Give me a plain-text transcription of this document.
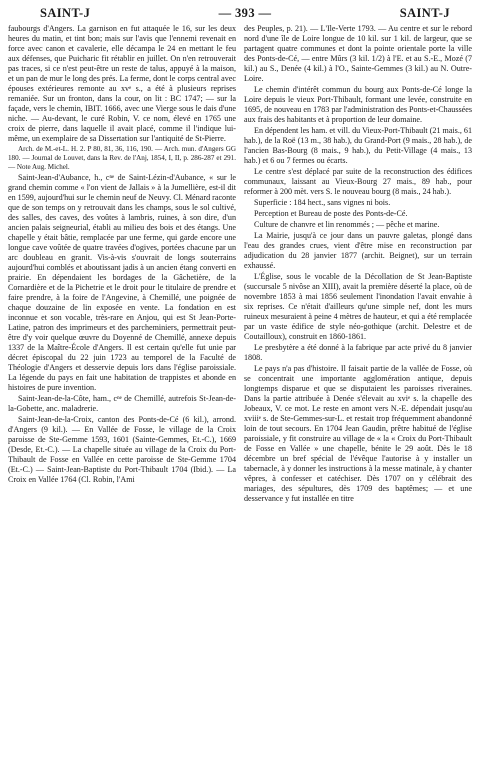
SAINT-J	— 393 —	SAINT-J

faubourgs d'Angers. La garnison en fut attaquée le 16, sur les deux heures du matin, et tint bon; mais sur l'avis que l'ennemi revenait en force avec canon et cavalerie, elle décampa le 24 en mettant le feu aux défenses, que Puicharic fit rétablir en juillet. On n'en retrouverait pas traces, si ce n'est peut-être un reste de talus, appuyé à la maison, et un pan de mur le long des prés. La ferme, dont le corps central avec épouses extérieures remonte au xvᵉ s., a été à plusieurs reprises remaniée. Sur un fronton, dans la cour, on lit : BC 1747; — sur la façade, vers le chemin, IBIT. 1666, avec une Vierge sous le dais d'une niche. — Au-devant, le curé Robin, V. ce nom, élevé en 1765 une croix de pierre, dans laquelle il avait placé, comme il l'indique lui-même, un exemplaire de sa Dissertation sur l'antiquité de St-Pierre.

Arch. de M.-et-L. H. 2. P 80, 81, 36, 116, 190. — Arch. mun. d'Angers GG 180. — Journal de Louvet, dans la Rev. de l'Anj, 1854, I, II, p. 286-287 et 291. — Note Aug. Michel.

Saint-Jean-d'Aubance, h., cⁿᵉ de Saint-Lézin-d'Aubance, « sur le grand chemin comme « l'on vient de Jallais » à la Jumellière, est-il dit en 1599, aujourd'hui sur le chemin neuf de Neuvy. Cl. Ménard raconte que de son temps on y retrouvait dans les champs, sous le sol cultivé, des salles, des caves, des voûtes à lambris, ruines, à son dire, d'un ancien palais seigneurial, établi au milieu des bois et des étangs. Une chapelle y était bâtie, remplacée par une ferme, qui garde encore une longue cave voûtée de quatre travées d'ogives, portées chacune par un arc doubleau en granit. Vis-à-vis s'ouvrait de longs souterrains aujourd'hui comblés et aboutissant jadis à un ancien étang converti en prairie. En dépendaient les bordages de la Gâchetière, de la Cornardière et de la Pichetrie et le droit pour le titulaire de prendre et faire prendre, à la foire de l'Angevine, à Chemillé, une poignée de chaque douzaine de lin exposée en vente. La fondation en est inconnue et son vocable, très-rare en Anjou, qui est St Jean-Porte-Latine, patron des imprimeurs et des parcheminiers, permettrait peut-être d'y voir quelque œuvre du Doyenné de Chemillé, annexe depuis 1337 de la Maître-École d'Angers. Il est certain qu'elle fut unie par décret épiscopal du 22 juin 1723 au temporel de la Faculté de Théologie d'Angers et desservie depuis lors dans l'église paroissiale. La légende du pays en fait une habitation de trappistes et abonde en histoires de pure invention.

Saint-Jean-de-la-Côte, ham., cⁿᵉ de Chemillé, autrefois St-Jean-de-la-Gobette, anc. maladrerie.

Saint-Jean-de-la-Croix, canton des Ponts-de-Cé (6 kil.), arrond. d'Angers (9 kil.). — En Vallée de Fosse, le village de la Croix paroisse de Ste-Gemme 1593, 1601 (Sainte-Gemmes, Et.-C.), 1669 (Desde, Et.-C.). — La chapelle située au village de la Croix du Port-Thibault de Fosse en Vallée en cette paroisse de Ste-Gemme 1704 (Et.-C.) — Saint-Jean-Baptiste du Port-Thibault 1704 (Ibid.). — La Croix en Vallée 1764 (Cl. Robin, l'Ami

des Peuples, p. 21). — L'Ile-Verte 1793. — Au centre et sur le rebord nord d'une île de Loire longue de 10 kil. sur 1 kil. de largeur, que se partagent quatre communes et dont la pointe orientale porte la ville des Ponts-de-Cé, — entre Mûrs (3 kil. 1/2) à l'E. et au S.-E., Mozé (7 kil.) au S., Denée (4 kil.) à l'O., Sainte-Gemmes (3 kil.) au N. Outre-Loire.

Le chemin d'intérêt commun du bourg aux Ponts-de-Cé longe la Loire depuis le vieux Port-Thibault, formant une levée, construite en 1695, de nouveau en 1783 par l'administration des Ponts-et-Chaussées aux frais des habitants et à proportion de leur domaine.

En dépendent les ham. et vill. du Vieux-Port-Thibault (21 mais., 61 hab.), de la Roë (13 m., 38 hab.), du Grand-Port (9 mais., 28 hab.), de l'ancien Bas-Bourg (8 mais., 9 hab.), du Petit-Village (4 mais., 13 hab.) et 6 ou 7 fermes ou écarts.

Le centre s'est déplacé par suite de la reconstruction des édifices communaux, laissant au Vieux-Bourg 27 mais., 89 hab., pour reformer à 200 mèt. vers S. le nouveau bourg (8 mais., 24 hab.).

Superficie : 184 hect., sans vignes ni bois.

Perception et Bureau de poste des Ponts-de-Cé.

Culture de chanvre et lin renommés ; — pêche et marine.

La Mairie, jusqu'à ce jour dans un pauvre galetas, plongé dans l'eau des grandes crues, vient d'être mise en reconstruction par adjudication du 28 janvier 1877 (archit. Beignet), sur un terrain exhaussé.

L'Église, sous le vocable de la Décollation de St Jean-Baptiste (succursale 5 nivôse an XIII), avait la première déserté la place, où de novembre 1853 à mai 1856 seulement l'inondation l'avait envahie à six reprises. Ce n'était d'ailleurs qu'une simple nef, dont les murs ruineux mesuraient à peine 4 mètres de hauteur, et qui a été remplacée par un vaste édifice de style néo-gothique (archit. Delestre et de Coutailloux), construit en 1860-1861.

Le presbytère a été donné à la fabrique par acte privé du 8 janvier 1808.

Le pays n'a pas d'histoire. Il faisait partie de la vallée de Fosse, où se concentrait une importante agglomération antique, depuis longtemps disparue et que se disputaient les paroisses riveraines. Dans la partie attribuée à Denée s'élevait au xviᵉ s. la chapelle des Jobeaux, V. ce mot. Le reste en amont vers N.-E. dépendait jusqu'au xviiiᵉ s. de Ste-Gemmes-sur-L. et restait trop fréquemment abandonné loin de tout secours. En 1704 Jean Gaudin, prêtre habitué de l'église paroissiale, y fit construire au village de « la « Croix du Port-Thibault de Fosse en Vallée » une chapelle, bénite le 29 août. Dès le 18 décembre un bref spécial de l'évêque l'autorise à y installer un tabernacle, à y donner les instructions à la messe matinale, à y chanter vêpres, à confesser et catéchiser. Dès 1707 on y célébrait des mariages, des sépultures, dès 1709 des baptêmes; — et une desservance y fut installée en titre
